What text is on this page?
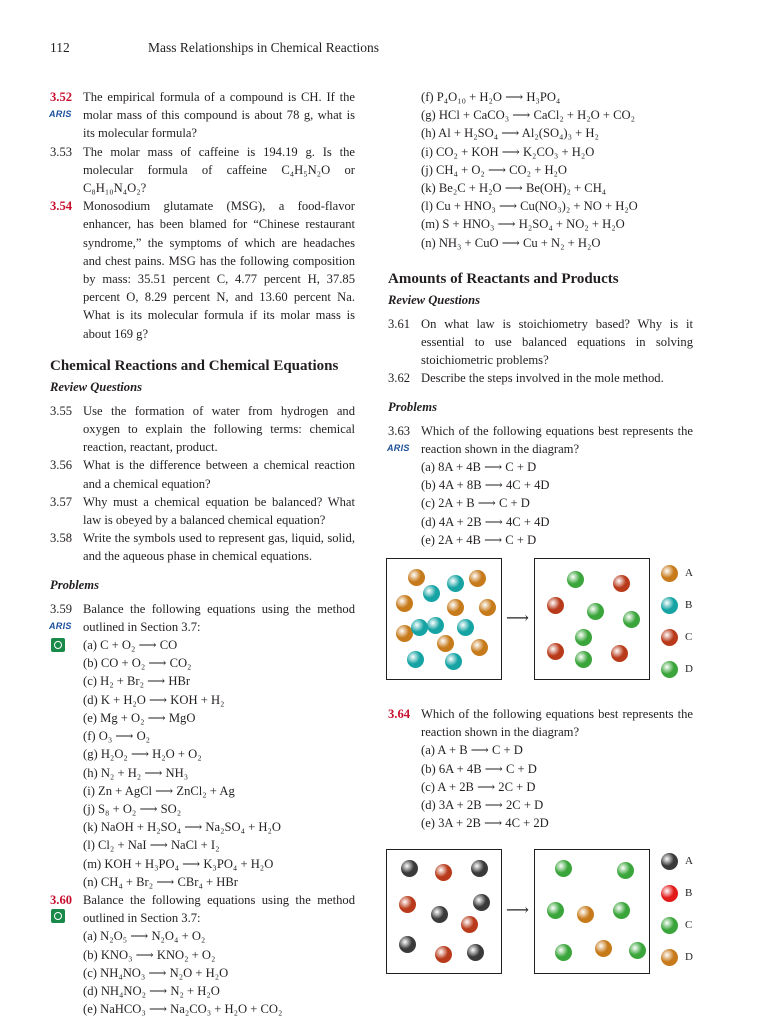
112	Mass Relationships in Chemical Reactions
3.52
ARIS
The empirical formula of a compound is CH. If the molar mass of this compound is about 78 g, what is its molecular formula?
3.53 The molar mass of caffeine is 194.19 g. Is the molecular formula of caffeine C₄H₅N₂O or C₈H₁₀N₄O₂?
3.54 Monosodium glutamate (MSG), a food-flavor enhancer, has been blamed for “Chinese restaurant syndrome,” the symptoms of which are headaches and chest pains. MSG has the following composition by mass: 35.51 percent C, 4.77 percent H, 37.85 percent O, 8.29 percent N, and 13.60 percent Na. What is its molecular formula if its molar mass is about 169 g?
Chemical Reactions and Chemical Equations
Review Questions
3.55 Use the formation of water from hydrogen and oxygen to explain the following terms: chemical reaction, reactant, product.
3.56 What is the difference between a chemical reaction and a chemical equation?
3.57 Why must a chemical equation be balanced? What law is obeyed by a balanced chemical equation?
3.58 Write the symbols used to represent gas, liquid, solid, and the aqueous phase in chemical equations.
Problems
3.59
ARIS
Balance the following equations using the method outlined in Section 3.7:
(a) C + O₂ ⟶ CO
(b) CO + O₂ ⟶ CO₂
(c) H₂ + Br₂ ⟶ HBr
(d) K + H₂O ⟶ KOH + H₂
(e) Mg + O₂ ⟶ MgO
(f) O₃ ⟶ O₂
(g) H₂O₂ ⟶ H₂O + O₂
(h) N₂ + H₂ ⟶ NH₃
(i) Zn + AgCl ⟶ ZnCl₂ + Ag
(j) S₈ + O₂ ⟶ SO₂
(k) NaOH + H₂SO₄ ⟶ Na₂SO₄ + H₂O
(l) Cl₂ + NaI ⟶ NaCl + I₂
(m) KOH + H₃PO₄ ⟶ K₃PO₄ + H₂O
(n) CH₄ + Br₂ ⟶ CBr₄ + HBr
3.60 Balance the following equations using the method outlined in Section 3.7:
(a) N₂O₅ ⟶ N₂O₄ + O₂
(b) KNO₃ ⟶ KNO₂ + O₂
(c) NH₄NO₃ ⟶ N₂O + H₂O
(d) NH₄NO₂ ⟶ N₂ + H₂O
(e) NaHCO₃ ⟶ Na₂CO₃ + H₂O + CO₂
(f) P₄O₁₀ + H₂O ⟶ H₃PO₄
(g) HCl + CaCO₃ ⟶ CaCl₂ + H₂O + CO₂
(h) Al + H₂SO₄ ⟶ Al₂(SO₄)₃ + H₂
(i) CO₂ + KOH ⟶ K₂CO₃ + H₂O
(j) CH₄ + O₂ ⟶ CO₂ + H₂O
(k) Be₂C + H₂O ⟶ Be(OH)₂ + CH₄
(l) Cu + HNO₃ ⟶ Cu(NO₃)₂ + NO + H₂O
(m) S + HNO₃ ⟶ H₂SO₄ + NO₂ + H₂O
(n) NH₃ + CuO ⟶ Cu + N₂ + H₂O
Amounts of Reactants and Products
Review Questions
3.61 On what law is stoichiometry based? Why is it essential to use balanced equations in solving stoichiometric problems?
3.62 Describe the steps involved in the mole method.
Problems
3.63
ARIS
Which of the following equations best represents the reaction shown in the diagram?
(a) 8A + 4B ⟶ C + D
(b) 4A + 8B ⟶ 4C + 4D
(c) 2A + B ⟶ C + D
(d) 4A + 2B ⟶ 4C + 4D
(e) 2A + 4B ⟶ C + D
⟶
A
B
C
D
3.64 Which of the following equations best represents the reaction shown in the diagram?
(a) A + B ⟶ C + D
(b) 6A + 4B ⟶ C + D
(c) A + 2B ⟶ 2C + D
(d) 3A + 2B ⟶ 2C + D
(e) 3A + 2B ⟶ 4C + 2D
⟶
A
B
C
D
